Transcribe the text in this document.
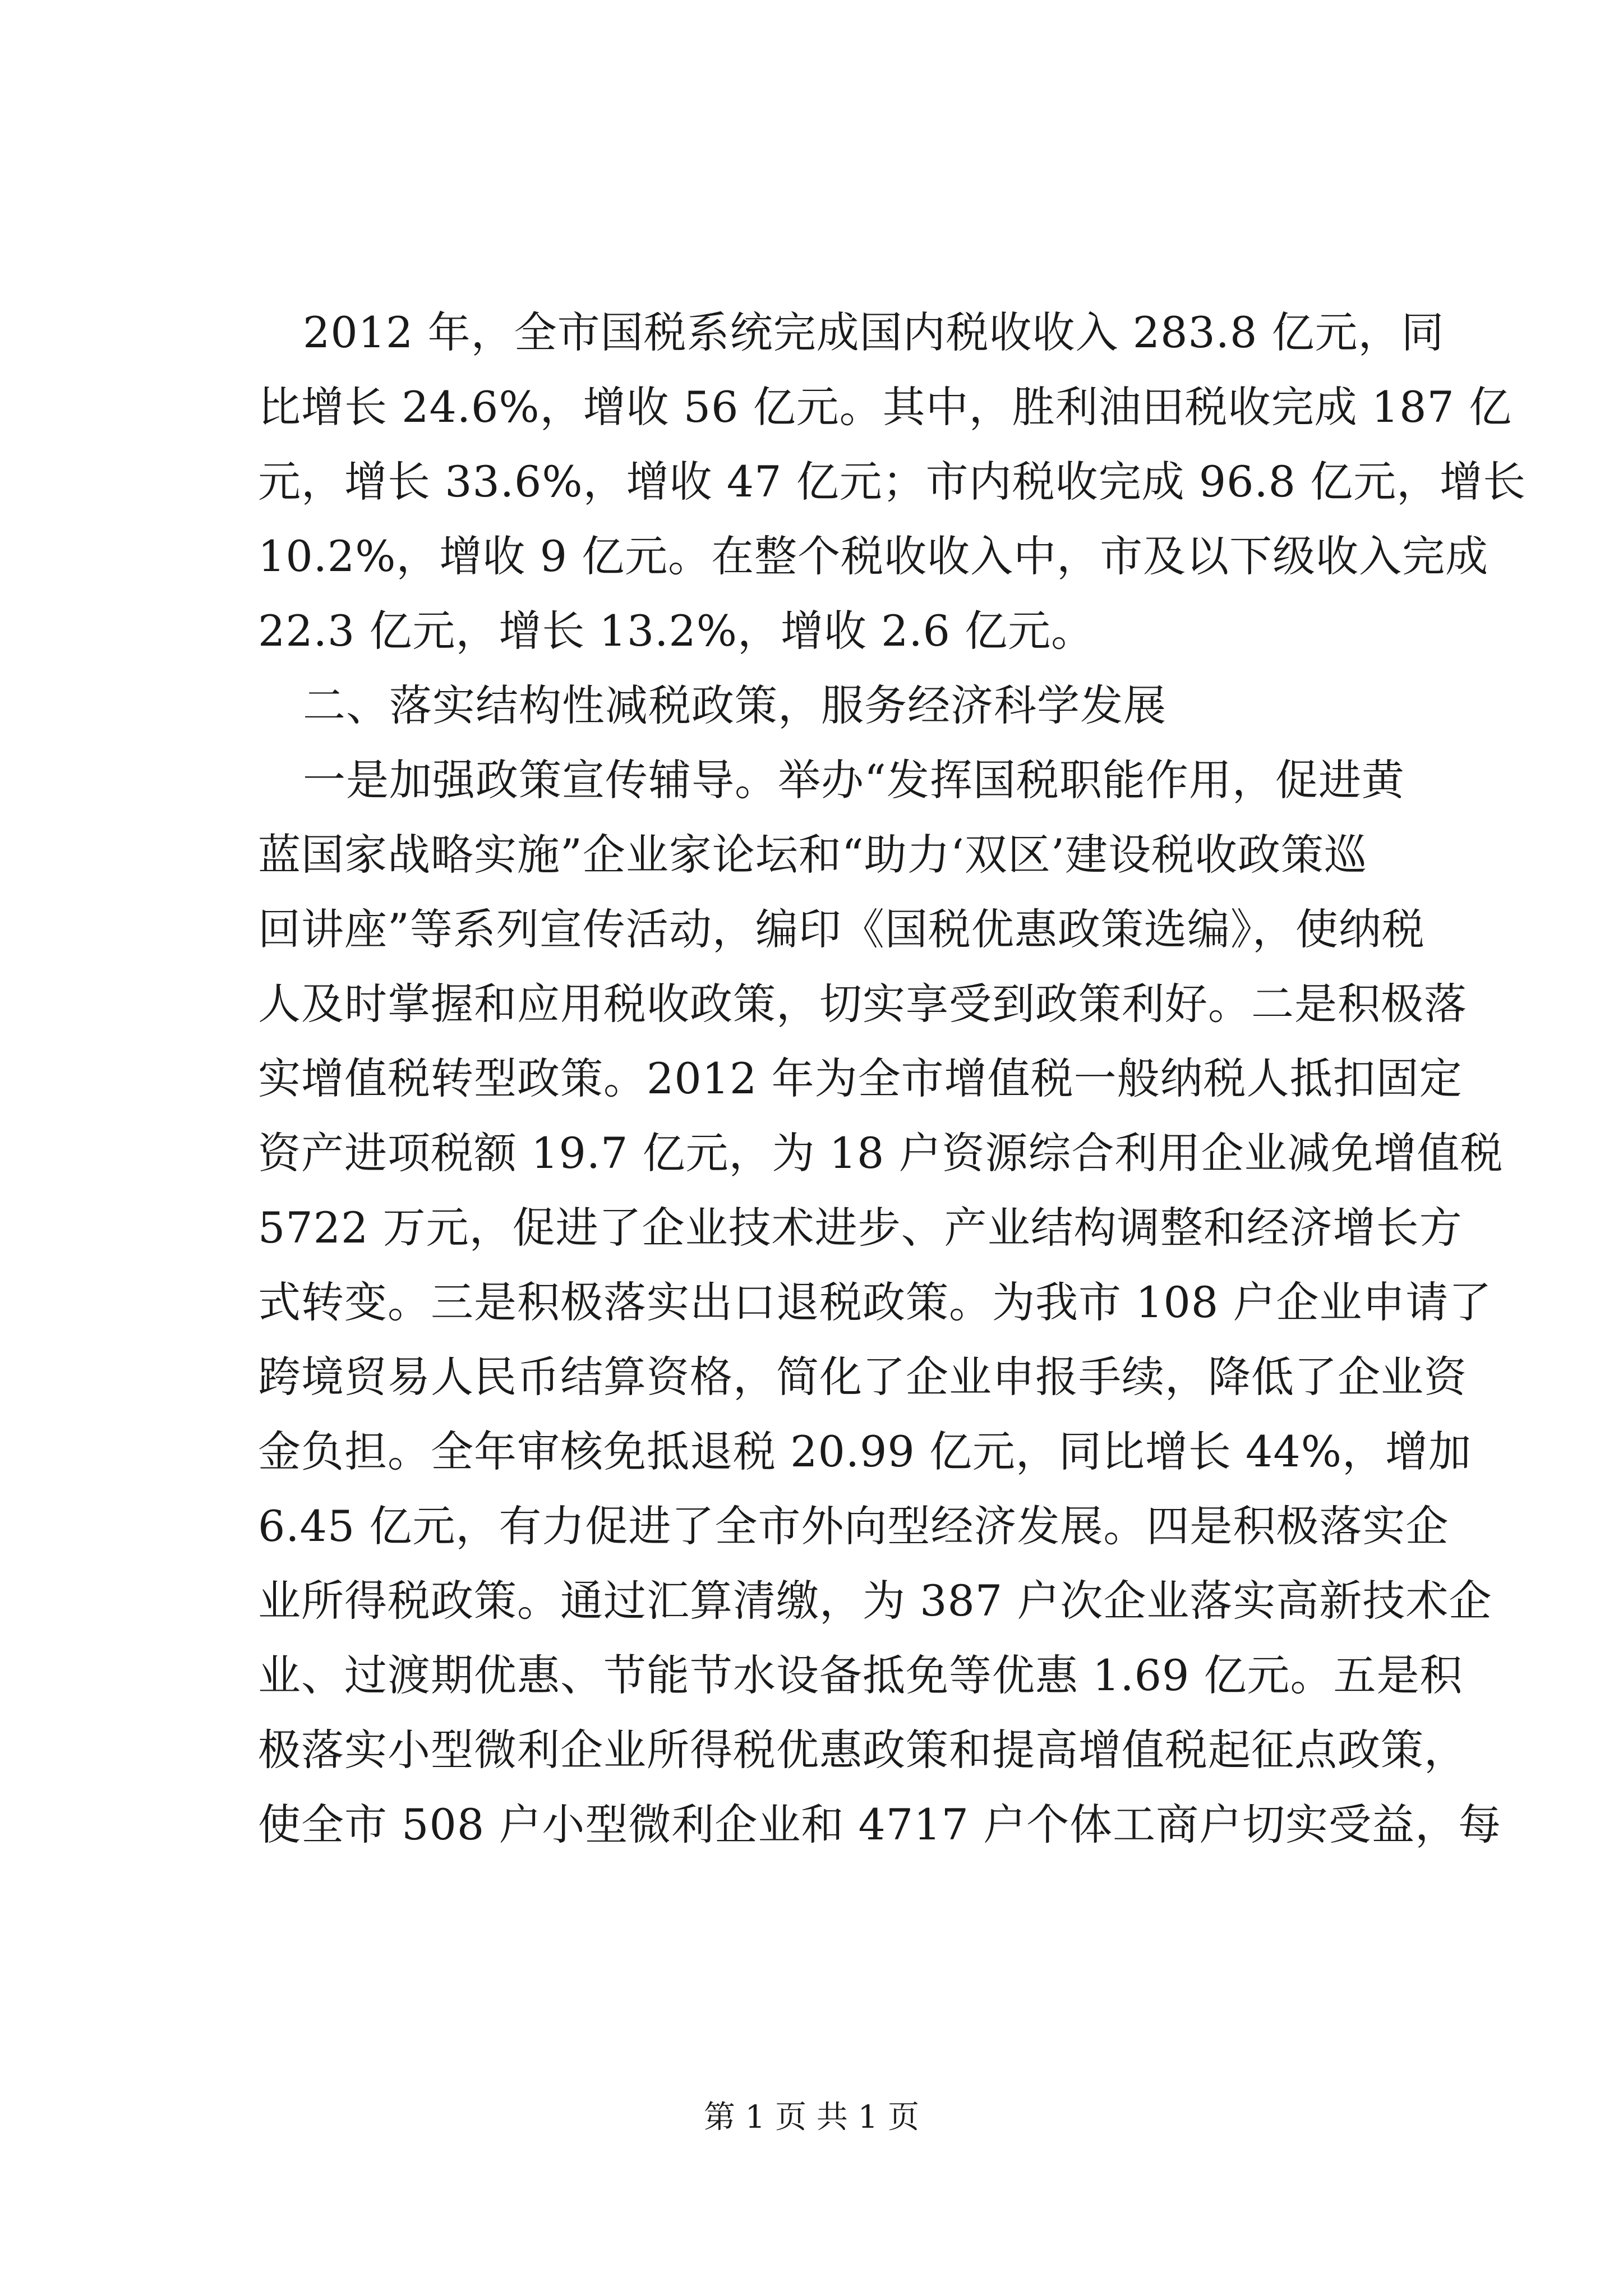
2012 年，全市国税系统完成国内税收收入 283.8 亿元，同
比增长 24.6%，增收 56 亿元。其中，胜利油田税收完成 187 亿
元，增长 33.6%，增收 47 亿元；市内税收完成 96.8 亿元，增长
10.2%，增收 9 亿元。在整个税收收入中，市及以下级收入完成
22.3 亿元，增长 13.2%，增收 2.6 亿元。
二、落实结构性减税政策，服务经济科学发展
一是加强政策宣传辅导。举办“发挥国税职能作用，促进黄
蓝国家战略实施”企业家论坛和“助力‘双区’建设税收政策巡
回讲座”等系列宣传活动，编印《国税优惠政策选编》，使纳税
人及时掌握和应用税收政策，切实享受到政策利好。二是积极落
实增值税转型政策。2012 年为全市增值税一般纳税人抵扣固定
资产进项税额 19.7 亿元，为 18 户资源综合利用企业减免增值税
5722 万元，促进了企业技术进步、产业结构调整和经济增长方
式转变。三是积极落实出口退税政策。为我市 108 户企业申请了
跨境贸易人民币结算资格，简化了企业申报手续，降低了企业资
金负担。全年审核免抵退税 20.99 亿元，同比增长 44%，增加
6.45 亿元，有力促进了全市外向型经济发展。四是积极落实企
业所得税政策。通过汇算清缴，为 387 户次企业落实高新技术企
业、过渡期优惠、节能节水设备抵免等优惠 1.69 亿元。五是积
极落实小型微利企业所得税优惠政策和提高增值税起征点政策，
使全市 508 户小型微利企业和 4717 户个体工商户切实受益，每
第 1 页 共 1 页
